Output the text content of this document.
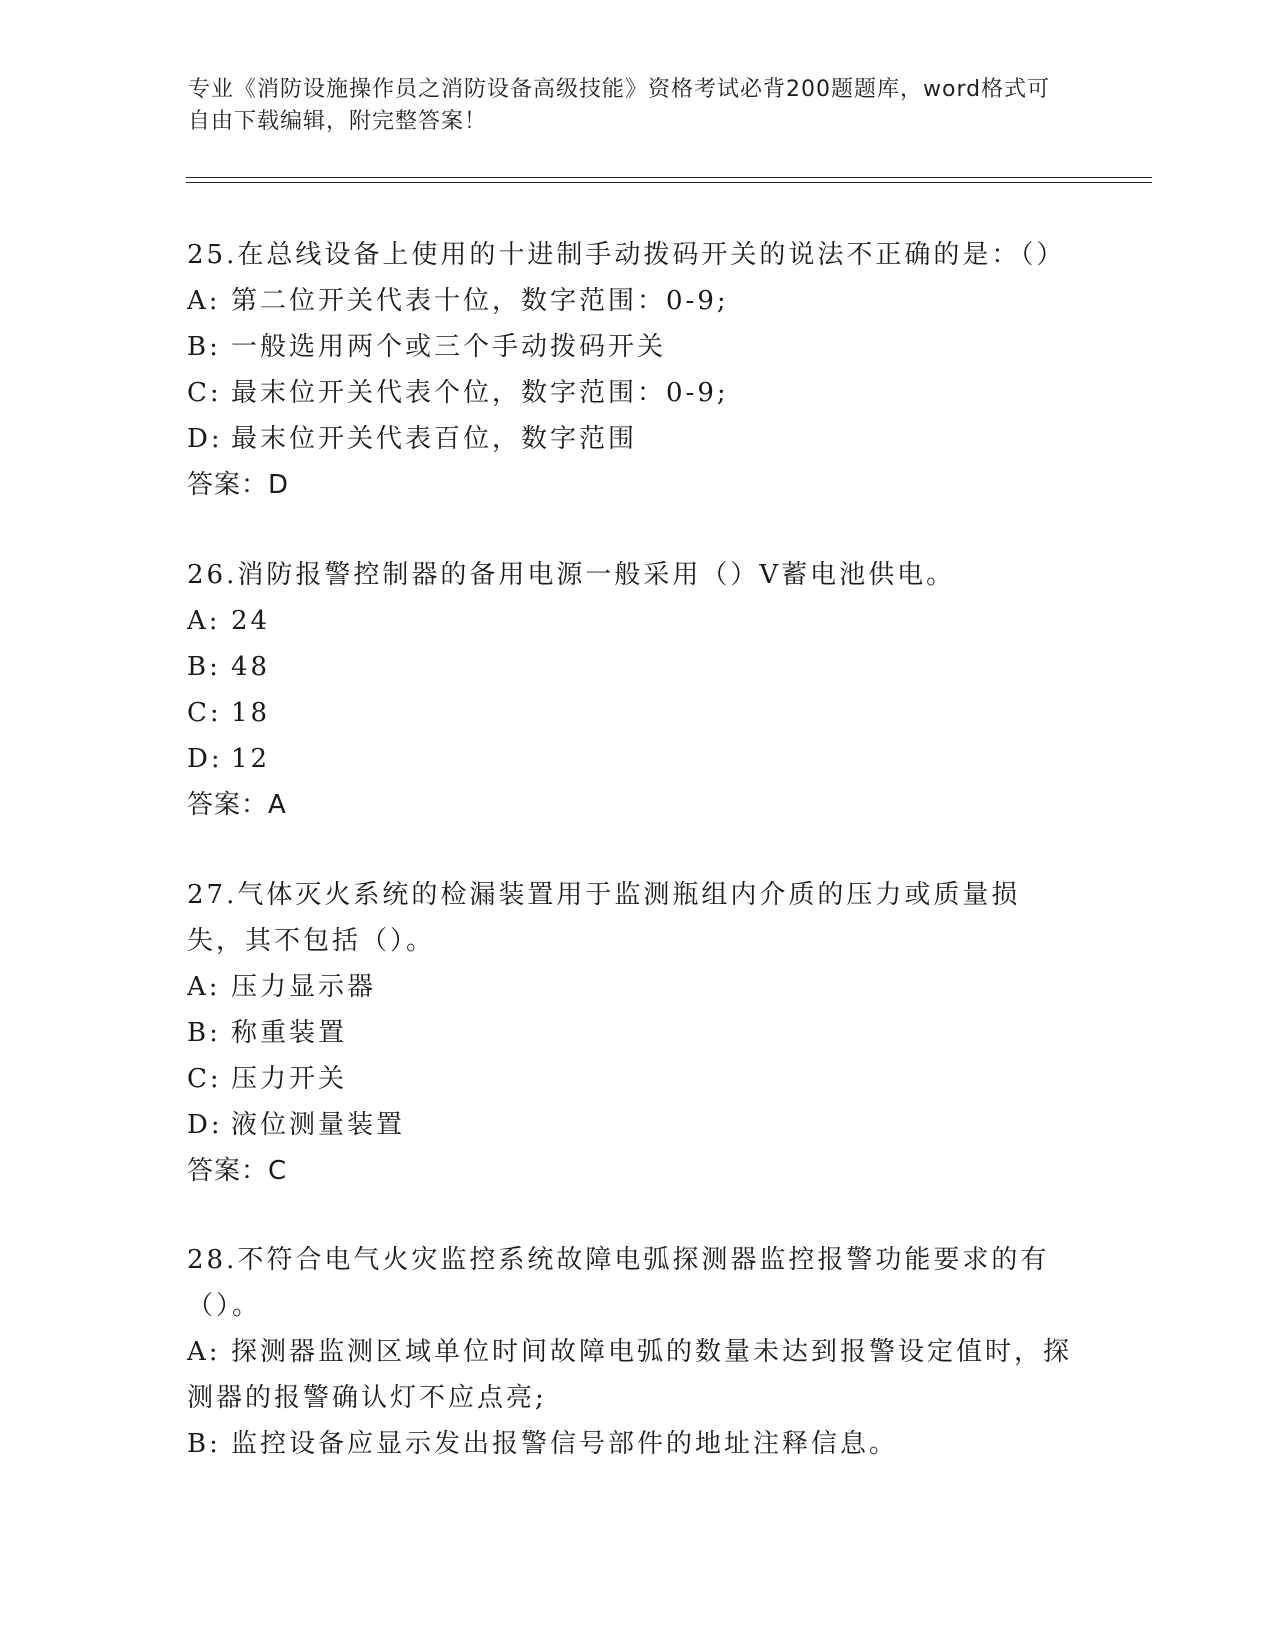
专业《消防设施操作员之消防设备高级技能》资格考试必背200题题库，word格式可自由下载编辑，附完整答案！

25.在总线设备上使用的十进制手动拨码开关的说法不正确的是：（）

A: 第二位开关代表十位，数字范围：0-9;

B: 一般选用两个或三个手动拨码开关

C: 最末位开关代表个位，数字范围：0-9;

D: 最末位开关代表百位，数字范围

答案：D

26.消防报警控制器的备用电源一般采用（）V蓄电池供电。

A: 24

B: 48

C: 18

D: 12

答案：A

27.气体灭火系统的检漏装置用于监测瓶组内介质的压力或质量损失，其不包括（）。

A: 压力显示器

B: 称重装置

C: 压力开关

D: 液位测量装置

答案：C

28.不符合电气火灾监控系统故障电弧探测器监控报警功能要求的有（）。

A: 探测器监测区域单位时间故障电弧的数量未达到报警设定值时，探测器的报警确认灯不应点亮;

B: 监控设备应显示发出报警信号部件的地址注释信息。
